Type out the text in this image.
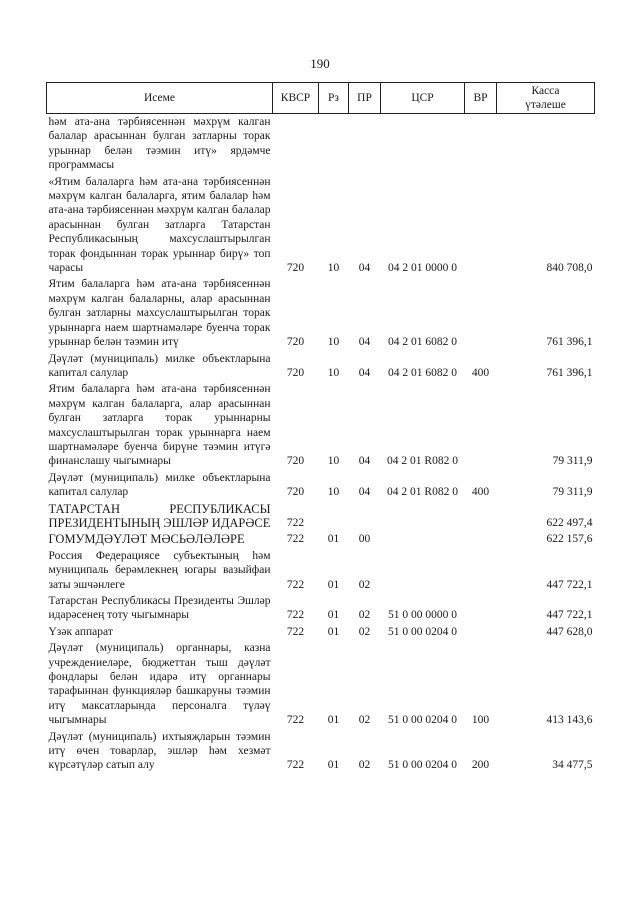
190
Исеме	КВСР	Рз	ПР	ЦСР	ВР	Касса
үтәлеше

һәм ата-ана тәрбиясеннән мәхрүм калган балалар арасыннан булган затларны торак урыннар белән тәэмин итү» ярдәмче программасы						
«Ятим балаларга һәм ата-ана тәрбиясеннән мәхрүм калган балаларга, ятим балалар һәм ата-ана тәрбиясеннән мәхрүм калган балалар арасыннан булган затларга Татарстан Республикасының махсуслаштырылган торак фондыннан торак урыннар бирү» топ чарасы	720	10	04	04 2 01 0000 0		840 708,0
Ятим балаларга һәм ата-ана тәрбиясеннән мәхрүм калган балаларны, алар арасыннан булган затларны махсуслаштырылган торак урыннарга наем шартнамәләре буенча торак урыннар белән тәэмин итү	720	10	04	04 2 01 6082 0		761 396,1
Дәүләт (муниципаль) милке объектларына капитал салулар	720	10	04	04 2 01 6082 0	400	761 396,1
Ятим балаларга һәм ата-ана тәрбиясеннән мәхрүм калган балаларга, алар арасыннан булган затларга торак урыннарны махсуслаштырылган торак урыннарга наем шартнамәләре буенча бирүне тәэмин итүгә финанслашу чыгымнары	720	10	04	04 2 01 R082 0		79 311,9
Дәүләт (муниципаль) милке объектларына капитал салулар	720	10	04	04 2 01 R082 0	400	79 311,9
ТАТАРСТАН РЕСПУБЛИКАСЫ ПРЕЗИДЕНТЫНЫҢ ЭШЛӘР ИДАРӘСЕ	722					622 497,4
ГОМУМДӘҮЛӘТ МӘСЬӘЛӘЛӘРЕ	722	01	00			622 157,6
Россия Федерациясе субъектының һәм муниципаль берәмлекнең югары вазыйфаи заты эшчәнлеге	722	01	02			447 722,1
Татарстан Республикасы Президенты Эшләр идарәсенең тоту чыгымнары	722	01	02	51 0 00 0000 0		447 722,1
Үзәк аппарат	722	01	02	51 0 00 0204 0		447 628,0
Дәүләт (муниципаль) органнары, казна учреждениеләре, бюджеттан тыш дәүләт фондлары белән идарә итү органнары тарафыннан функцияләр башкаруны тәэмин итү максатларында персоналга түләү чыгымнары	722	01	02	51 0 00 0204 0	100	413 143,6
Дәүләт (муниципаль) ихтыяҗларын тәэмин итү өчен товарлар, эшләр һәм хезмәт күрсәтүләр сатып алу	722	01	02	51 0 00 0204 0	200	34 477,5
